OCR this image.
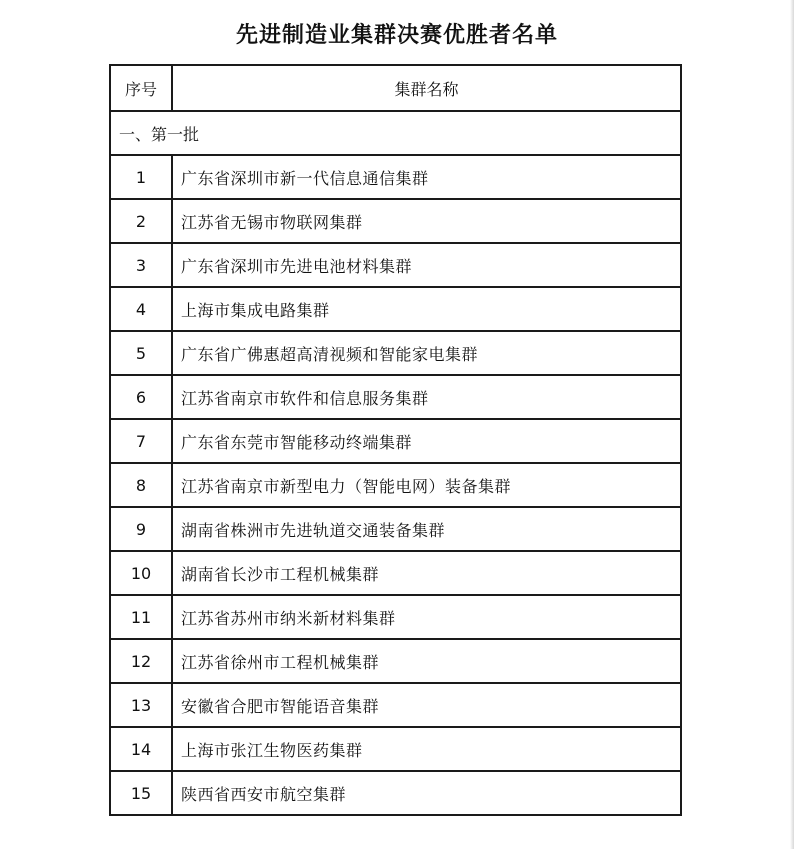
先进制造业集群决赛优胜者名单
序号	集群名称
一、第一批	
1	广东省深圳市新一代信息通信集群
2	江苏省无锡市物联网集群
3	广东省深圳市先进电池材料集群
4	上海市集成电路集群
5	广东省广佛惠超高清视频和智能家电集群
6	江苏省南京市软件和信息服务集群
7	广东省东莞市智能移动终端集群
8	江苏省南京市新型电力（智能电网）装备集群
9	湖南省株洲市先进轨道交通装备集群
10	湖南省长沙市工程机械集群
11	江苏省苏州市纳米新材料集群
12	江苏省徐州市工程机械集群
13	安徽省合肥市智能语音集群
14	上海市张江生物医药集群
15	陕西省西安市航空集群
